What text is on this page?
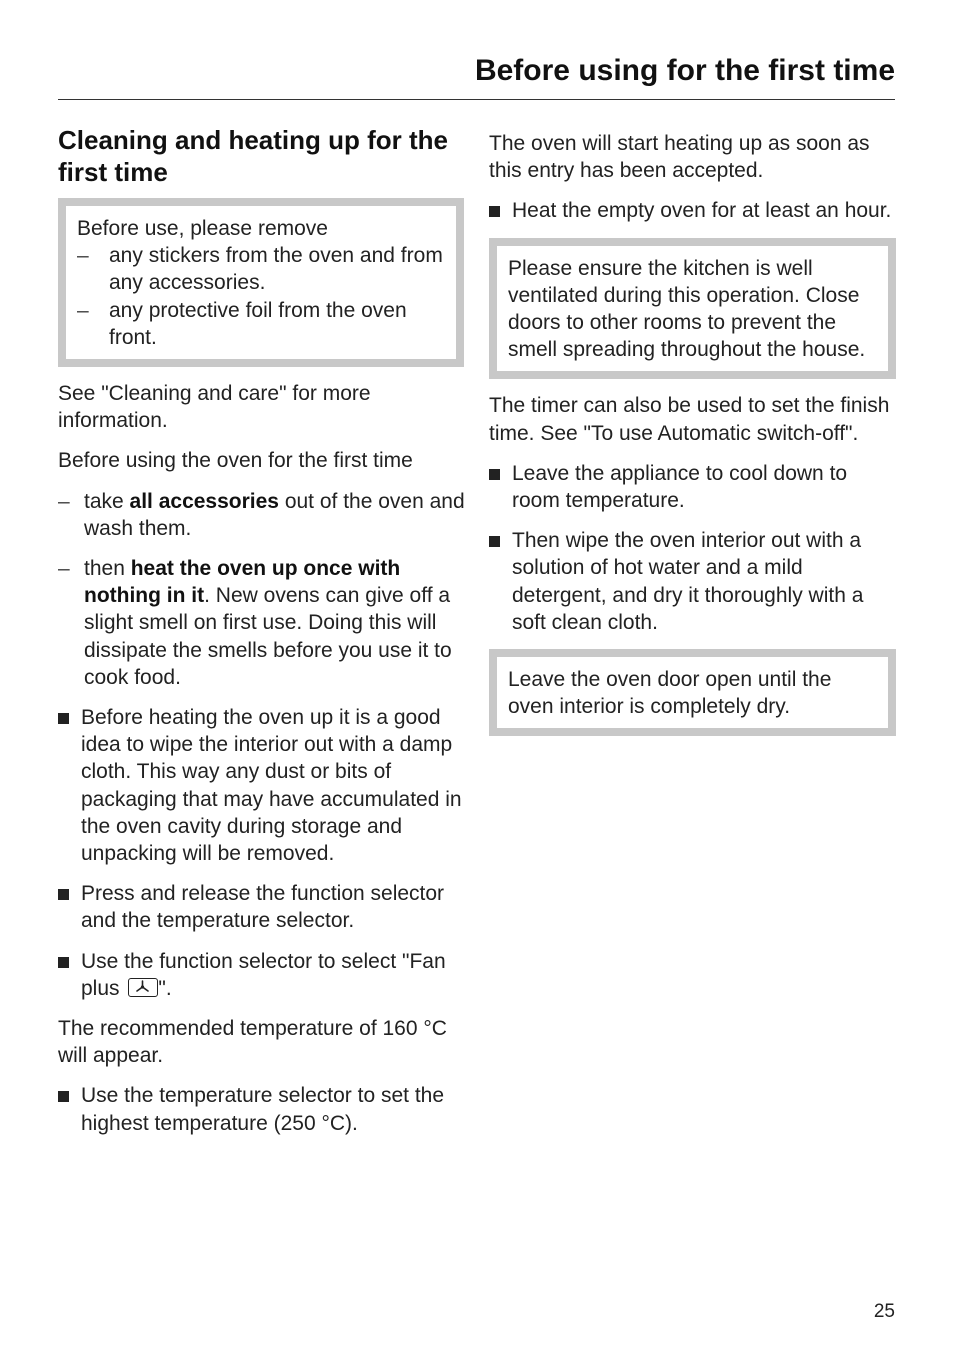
Before using for the first time
Cleaning and heating up for the first time

Before use, please remove

– any stickers from the oven and from any accessories.
– any protective foil from the oven front.

See "Cleaning and care" for more information.

Before using the oven for the first time

– take all accessories out of the oven and wash them.
– then heat the oven up once with nothing in it. New ovens can give off a slight smell on first use. Doing this will dissipate the smells before you use it to cook food.
Before heating the oven up it is a good idea to wipe the interior out with a damp cloth. This way any dust or bits of packaging that may have accumulated in the oven cavity during storage and unpacking will be removed.
Press and release the function selector and the temperature selector.
Use the function selector to select "Fan plus
".

The recommended temperature of 160 °C will appear.

Use the temperature selector to set the highest temperature (250 °C).

The oven will start heating up as soon as this entry has been accepted.

Heat the empty oven for at least an hour.

Please ensure the kitchen is well ventilated during this operation. Close doors to other rooms to prevent the smell spreading throughout the house.

The timer can also be used to set the finish time. See "To use Automatic switch-off".

Leave the appliance to cool down to room temperature.
Then wipe the oven interior out with a solution of hot water and a mild detergent, and dry it thoroughly with a soft clean cloth.

Leave the oven door open until the oven interior is completely dry.

25
